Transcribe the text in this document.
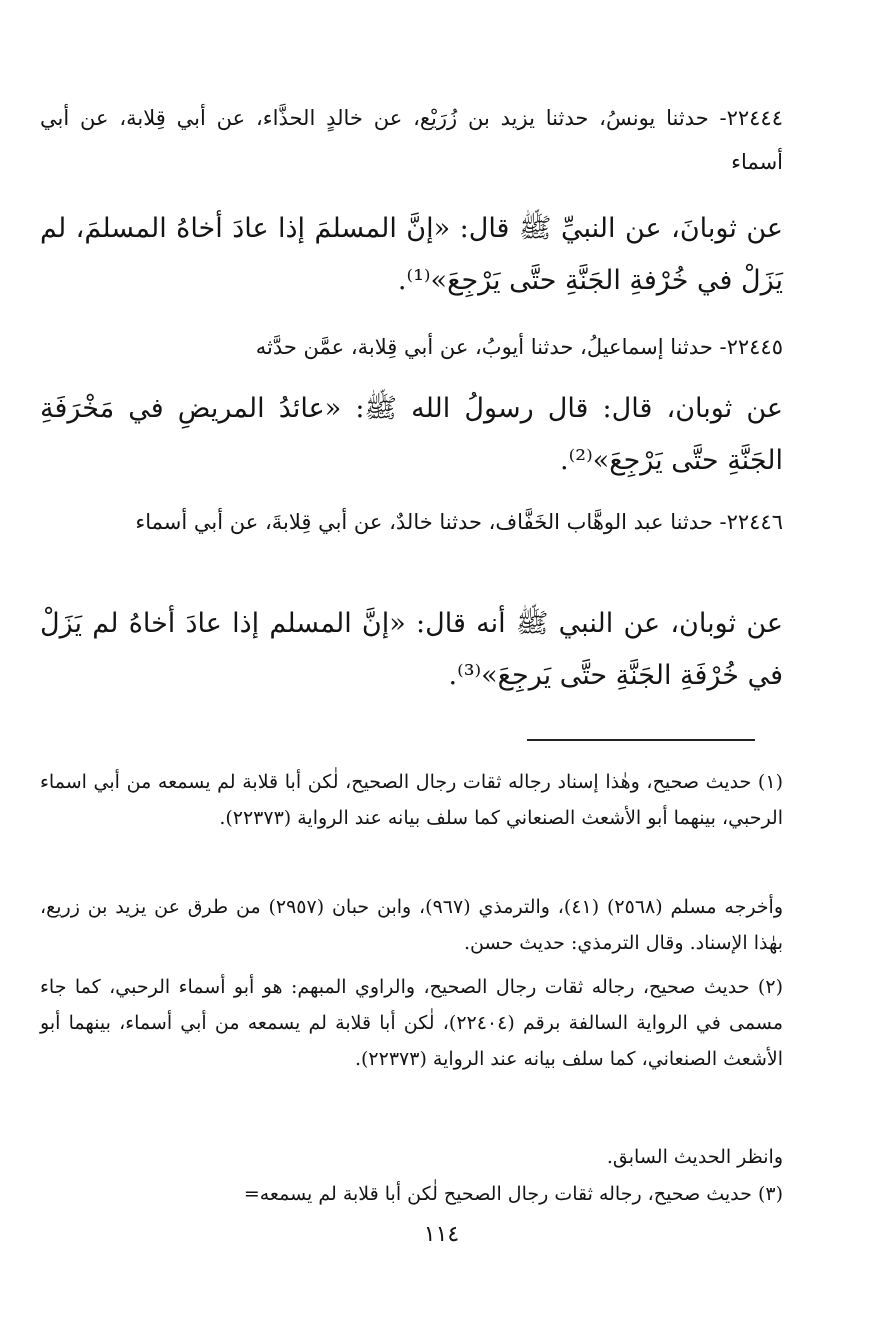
٢٢٤٤٤- حدثنا يونسُ، حدثنا يزيد بن زُرَيْع، عن خالدٍ الحذَّاء، عن أبي قِلابة، عن أبي أسماء

عن ثوبانَ، عن النبيِّ ﷺ قال: «إنَّ المسلمَ إذا عادَ أخاهُ المسلمَ، لم يَزَلْ في خُرْفةِ الجَنَّةِ حتَّى يَرْجِعَ»⁽¹⁾.

٢٢٤٤٥- حدثنا إسماعيلُ، حدثنا أيوبُ، عن أبي قِلابة، عمَّن حدَّثه

عن ثوبان، قال: قال رسولُ الله ﷺ: «عائدُ المريضِ في مَخْرَفَةِ الجَنَّةِ حتَّى يَرْجِعَ»⁽²⁾.

٢٢٤٤٦- حدثنا عبد الوهَّاب الخَفَّاف، حدثنا خالدٌ، عن أبي قِلابةَ، عن أبي أسماء

عن ثوبان، عن النبي ﷺ أنه قال: «إنَّ المسلم إذا عادَ أخاهُ لم يَزَلْ في خُرْفَةِ الجَنَّةِ حتَّى يَرجِعَ»⁽³⁾.

(١) حديث صحيح، وهٰذا إسناد رجاله ثقات رجال الصحيح، لٰكن أبا قلابة لم يسمعه من أبي اسماء الرحبي، بينهما أبو الأشعث الصنعاني كما سلف بيانه عند الرواية (٢٢٣٧٣).

وأخرجه مسلم (٢٥٦٨) (٤١)، والترمذي (٩٦٧)، وابن حبان (٢٩٥٧) من طرق عن يزيد بن زريع، بهٰذا الإسناد. وقال الترمذي: حديث حسن.

(٢) حديث صحيح، رجاله ثقات رجال الصحيح، والراوي المبهم: هو أبو أسماء الرحبي، كما جاء مسمى في الرواية السالفة برقم (٢٢٤٠٤)، لٰكن أبا قلابة لم يسمعه من أبي أسماء، بينهما أبو الأشعث الصنعاني، كما سلف بيانه عند الرواية (٢٢٣٧٣).

وانظر الحديث السابق.

(٣) حديث صحيح، رجاله ثقات رجال الصحيح لٰكن أبا قلابة لم يسمعه=

١١٤
